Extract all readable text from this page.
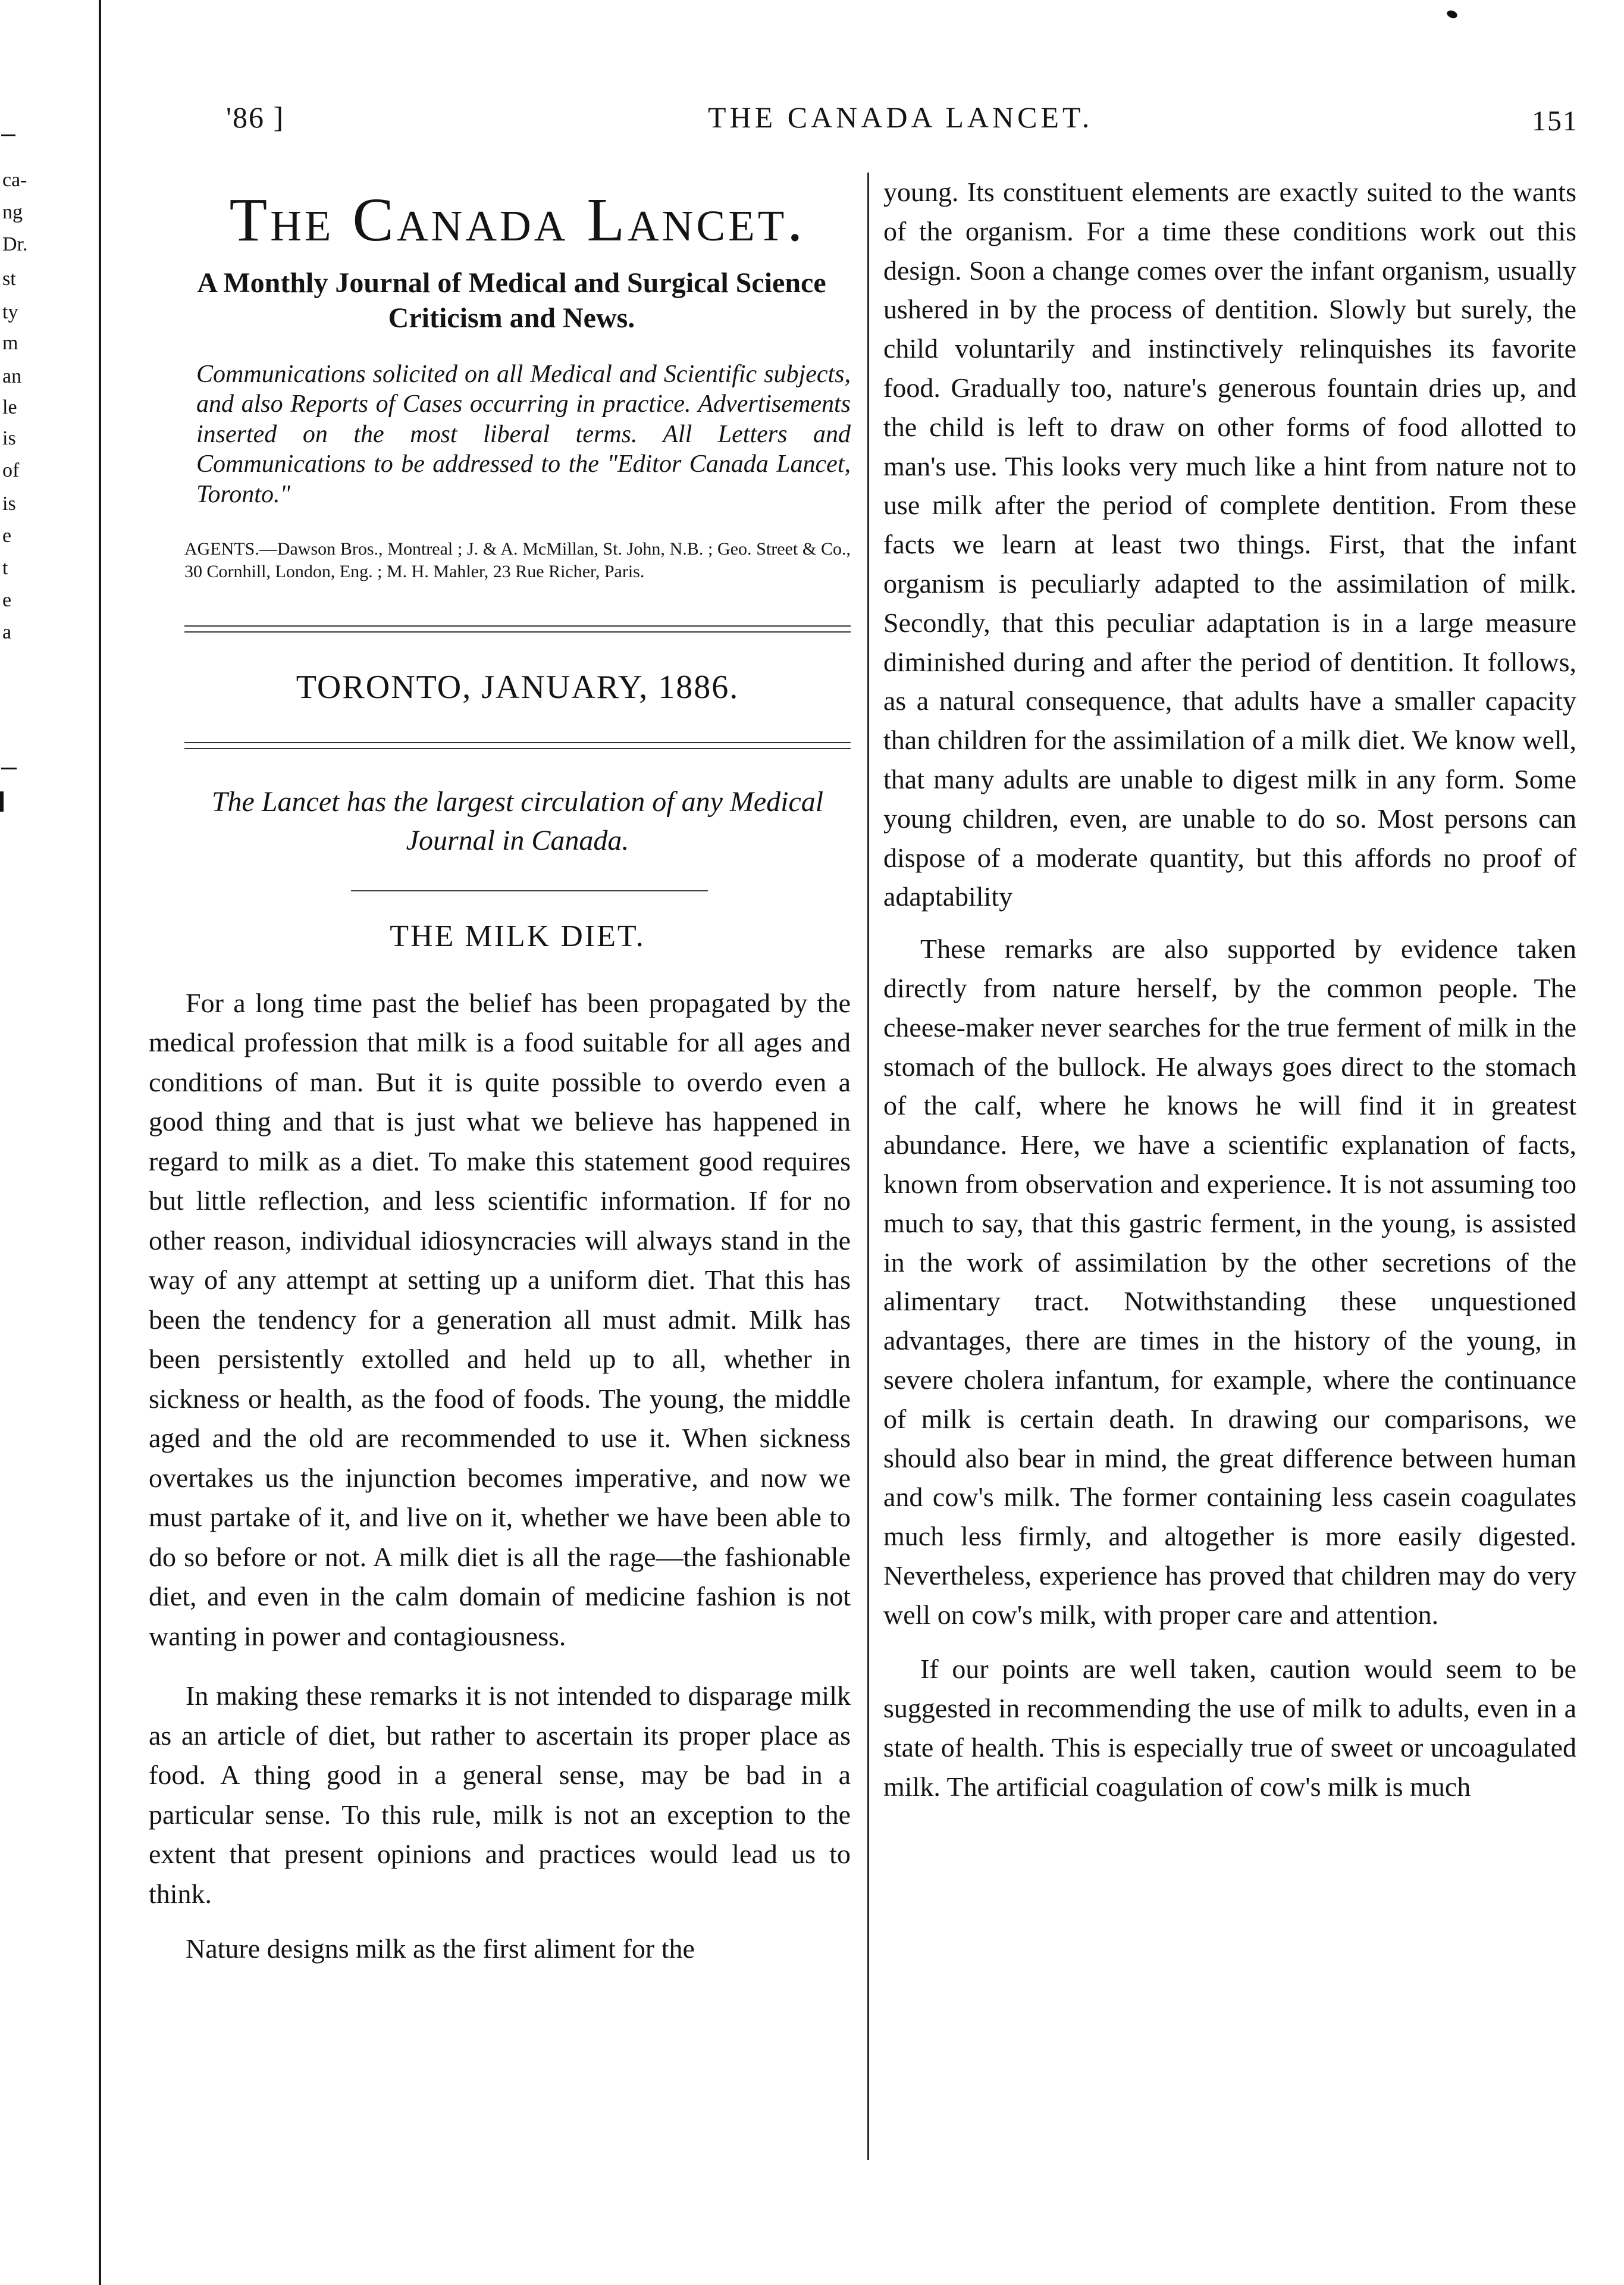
ca-
ng
Dr.
st
ty
m
an
le
is
of
is
e
t
e
a
'86 ]	THE CANADA LANCET.	151
The Canada Lancet.
A Monthly Journal of Medical and Surgical Science
Criticism and News.
Communications solicited on all Medical and Scientific subjects, and also Reports of Cases occurring in practice. Advertisements inserted on the most liberal terms. All Letters and Communications to be addressed to the "Editor Canada Lancet, Toronto."
AGENTS.—Dawson Bros., Montreal ; J. & A. McMillan, St. John, N.B. ; Geo. Street & Co., 30 Cornhill, London, Eng. ; M. H. Mahler, 23 Rue Richer, Paris.
TORONTO, JANUARY, 1886.
The Lancet has the largest circulation of any Medical Journal in Canada.
THE MILK DIET.

For a long time past the belief has been propagated by the medical profession that milk is a food suitable for all ages and conditions of man. But it is quite possible to overdo even a good thing and that is just what we believe has happened in regard to milk as a diet. To make this statement good requires but little reflection, and less scientific information. If for no other reason, individual idiosyncracies will always stand in the way of any attempt at setting up a uniform diet. That this has been the tendency for a generation all must admit. Milk has been persistently extolled and held up to all, whether in sickness or health, as the food of foods. The young, the middle aged and the old are recommended to use it. When sickness overtakes us the injunction becomes imperative, and now we must partake of it, and live on it, whether we have been able to do so before or not. A milk diet is all the rage—the fashionable diet, and even in the calm domain of medicine fashion is not wanting in power and contagiousness.

In making these remarks it is not intended to disparage milk as an article of diet, but rather to ascertain its proper place as food. A thing good in a general sense, may be bad in a particular sense. To this rule, milk is not an exception to the extent that present opinions and practices would lead us to think.

Nature designs milk as the first aliment for the

young. Its constituent elements are exactly suited to the wants of the organism. For a time these conditions work out this design. Soon a change comes over the infant organism, usually ushered in by the process of dentition. Slowly but surely, the child voluntarily and instinctively relinquishes its favorite food. Gradually too, nature's generous fountain dries up, and the child is left to draw on other forms of food allotted to man's use. This looks very much like a hint from nature not to use milk after the period of complete dentition. From these facts we learn at least two things. First, that the infant organism is peculiarly adapted to the assimilation of milk. Secondly, that this peculiar adaptation is in a large measure diminished during and after the period of dentition. It follows, as a natural consequence, that adults have a smaller capacity than children for the assimilation of a milk diet. We know well, that many adults are unable to digest milk in any form. Some young children, even, are unable to do so. Most persons can dispose of a moderate quantity, but this affords no proof of adaptability

These remarks are also supported by evidence taken directly from nature herself, by the common people. The cheese-maker never searches for the true ferment of milk in the stomach of the bullock. He always goes direct to the stomach of the calf, where he knows he will find it in greatest abundance. Here, we have a scientific explanation of facts, known from observation and experience. It is not assuming too much to say, that this gastric ferment, in the young, is assisted in the work of assimilation by the other secretions of the alimentary tract. Notwithstanding these unquestioned advantages, there are times in the history of the young, in severe cholera infantum, for example, where the continuance of milk is certain death. In drawing our comparisons, we should also bear in mind, the great difference between human and cow's milk. The former containing less casein coagulates much less firmly, and altogether is more easily digested. Nevertheless, experience has proved that children may do very well on cow's milk, with proper care and attention.

If our points are well taken, caution would seem to be suggested in recommending the use of milk to adults, even in a state of health. This is especially true of sweet or uncoagulated milk. The artificial coagulation of cow's milk is much
